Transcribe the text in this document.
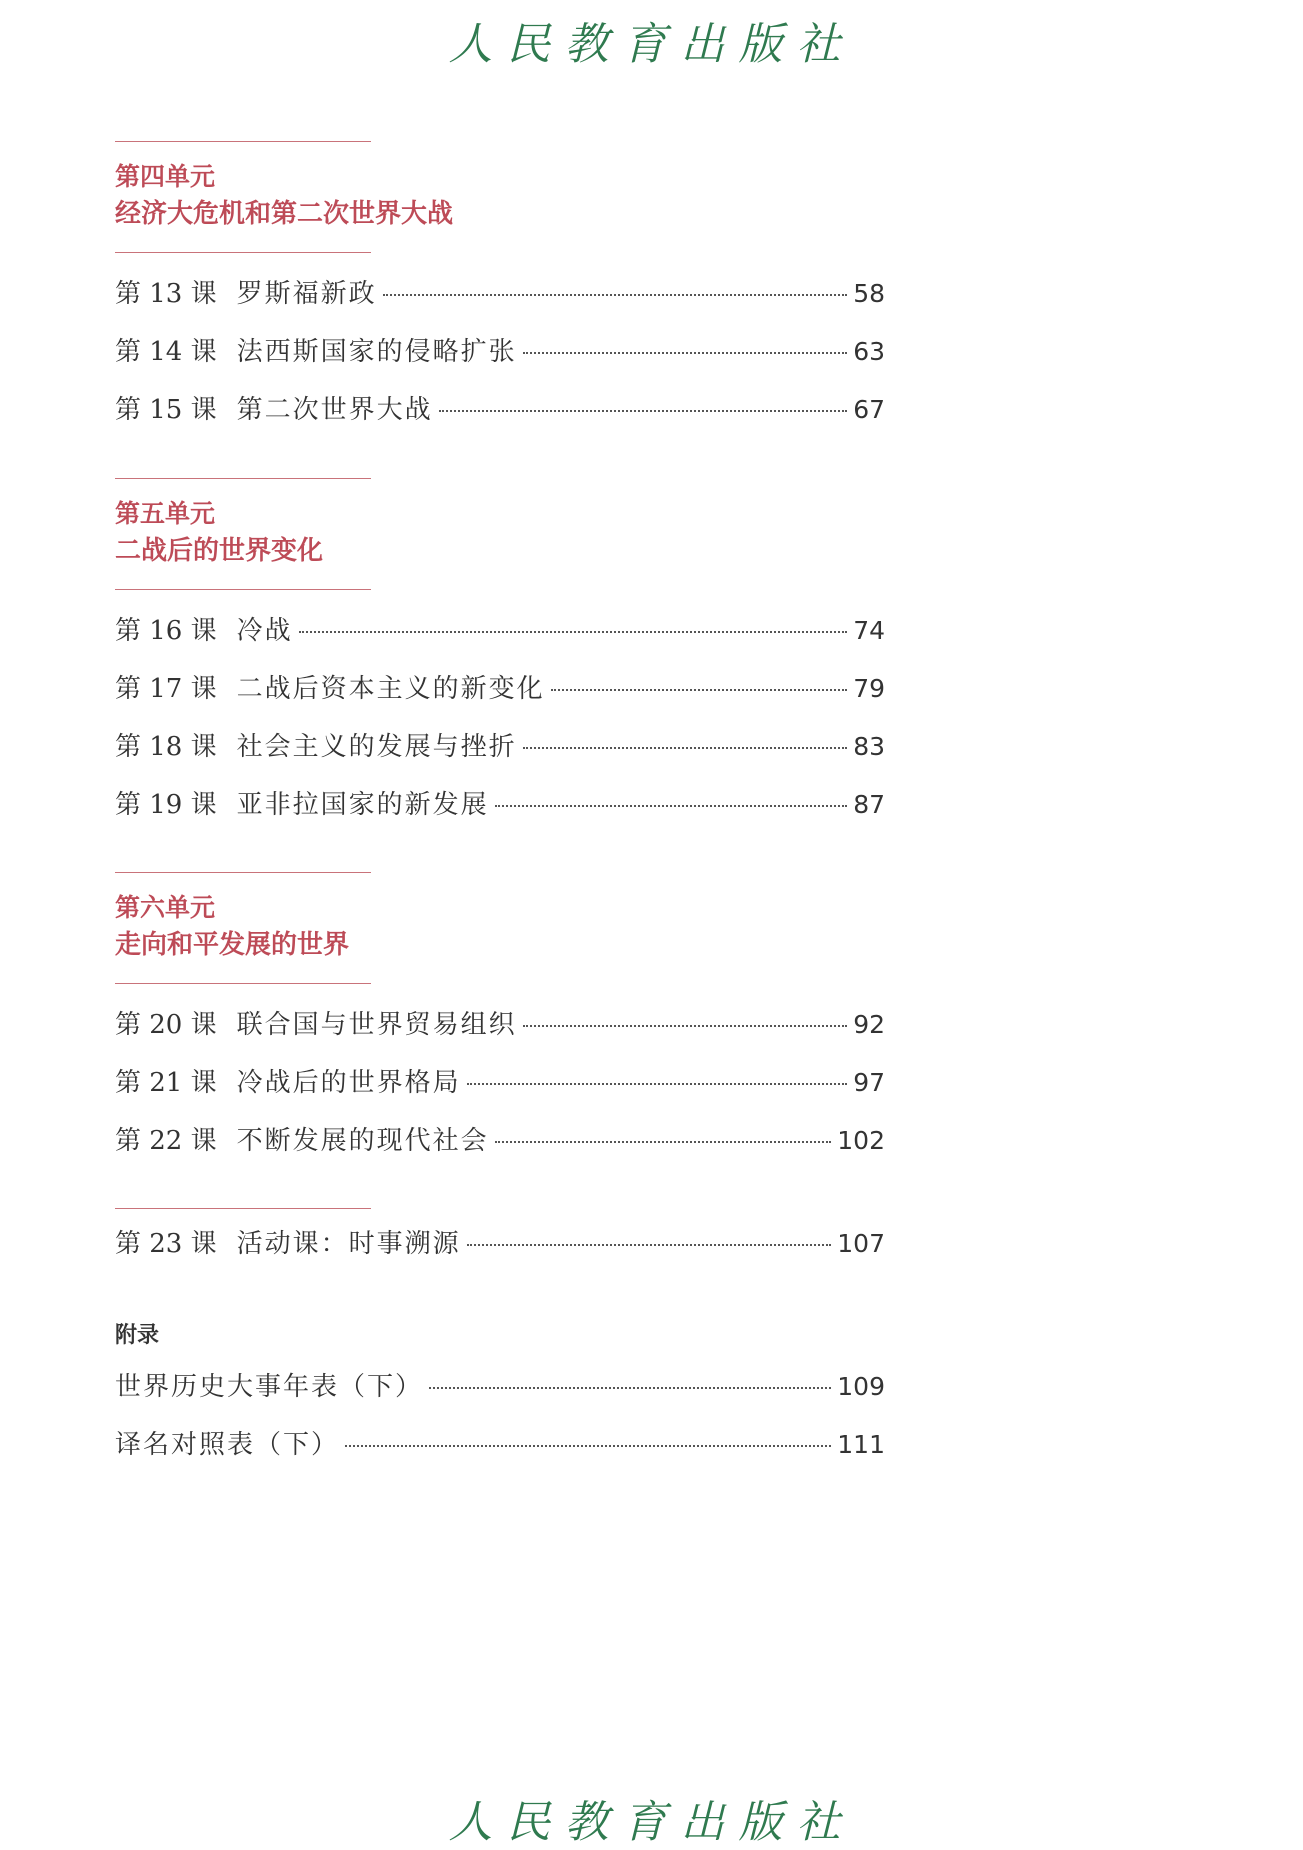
人民教育出版社
第四单元
经济大危机和第二次世界大战
第 13 课 罗斯福新政	58
第 14 课 法西斯国家的侵略扩张	63
第 15 课 第二次世界大战	67
第五单元
二战后的世界变化
第 16 课 冷战	74
第 17 课 二战后资本主义的新变化	79
第 18 课 社会主义的发展与挫折	83
第 19 课 亚非拉国家的新发展	87
第六单元
走向和平发展的世界
第 20 课 联合国与世界贸易组织	92
第 21 课 冷战后的世界格局	97
第 22 课 不断发展的现代社会	102
第 23 课 活动课：时事溯源	107
附录
世界历史大事年表（下）	109
译名对照表（下）	111
人民教育出版社
